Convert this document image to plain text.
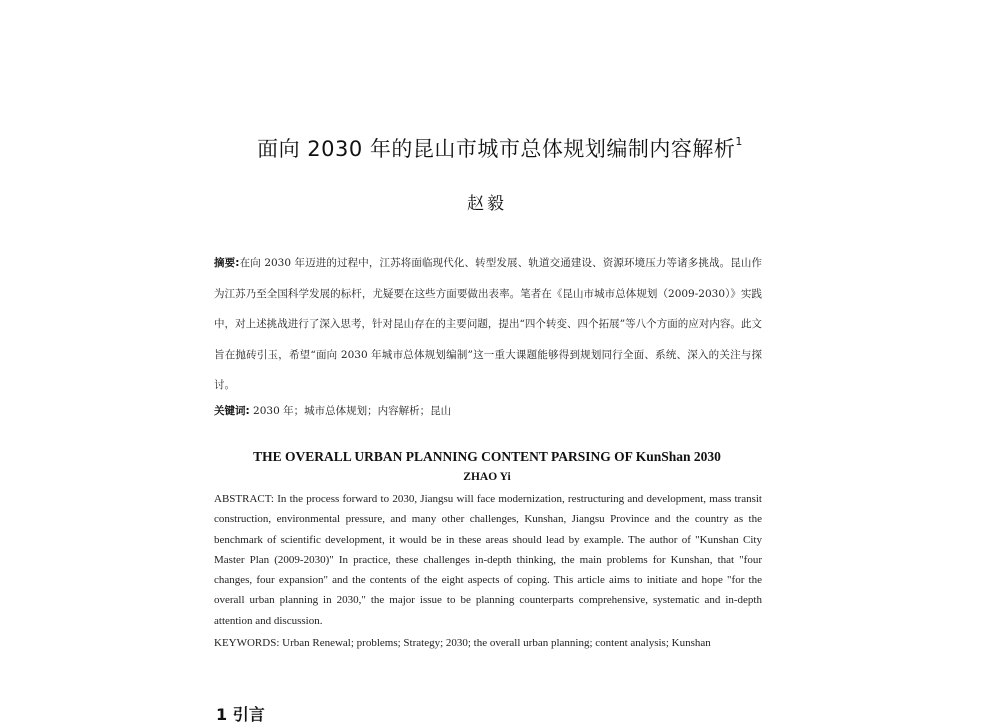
面向 2030 年的昆山市城市总体规划编制内容解析$^1$
赵毅
摘要:在向 2030 年迈进的过程中，江苏将面临现代化、转型发展、轨道交通建设、资源环境压力等诸多挑战。昆山作为江苏乃至全国科学发展的标杆，尤疑要在这些方面要做出表率。笔者在《昆山市城市总体规划（2009-2030）》实践中，对上述挑战进行了深入思考，针对昆山存在的主要问题，提出“四个转变、四个拓展”等八个方面的应对内容。此文旨在抛砖引玉，希望“面向 2030 年城市总体规划编制”这一重大课题能够得到规划同行全面、系统、深入的关注与探讨。
关键词: 2030 年；城市总体规划；内容解析；昆山
THE OVERALL URBAN PLANNING CONTENT PARSING OF KunShan 2030
ZHAO Yi
ABSTRACT: In the process forward to 2030, Jiangsu will face modernization, restructuring and development, mass transit construction, environmental pressure, and many other challenges, Kunshan, Jiangsu Province and the country as the benchmark of scientific development, it would be in these areas should lead by example. The author of "Kunshan City Master Plan (2009-2030)" In practice, these challenges in-depth thinking, the main problems for Kunshan, that "four changes, four expansion" and the contents of the eight aspects of coping. This article aims to initiate and hope "for the overall urban planning in 2030," the major issue to be planning counterparts comprehensive, systematic and in-depth attention and discussion.
KEYWORDS: Urban Renewal; problems; Strategy; 2030; the overall urban planning; content analysis; Kunshan
1 引言
